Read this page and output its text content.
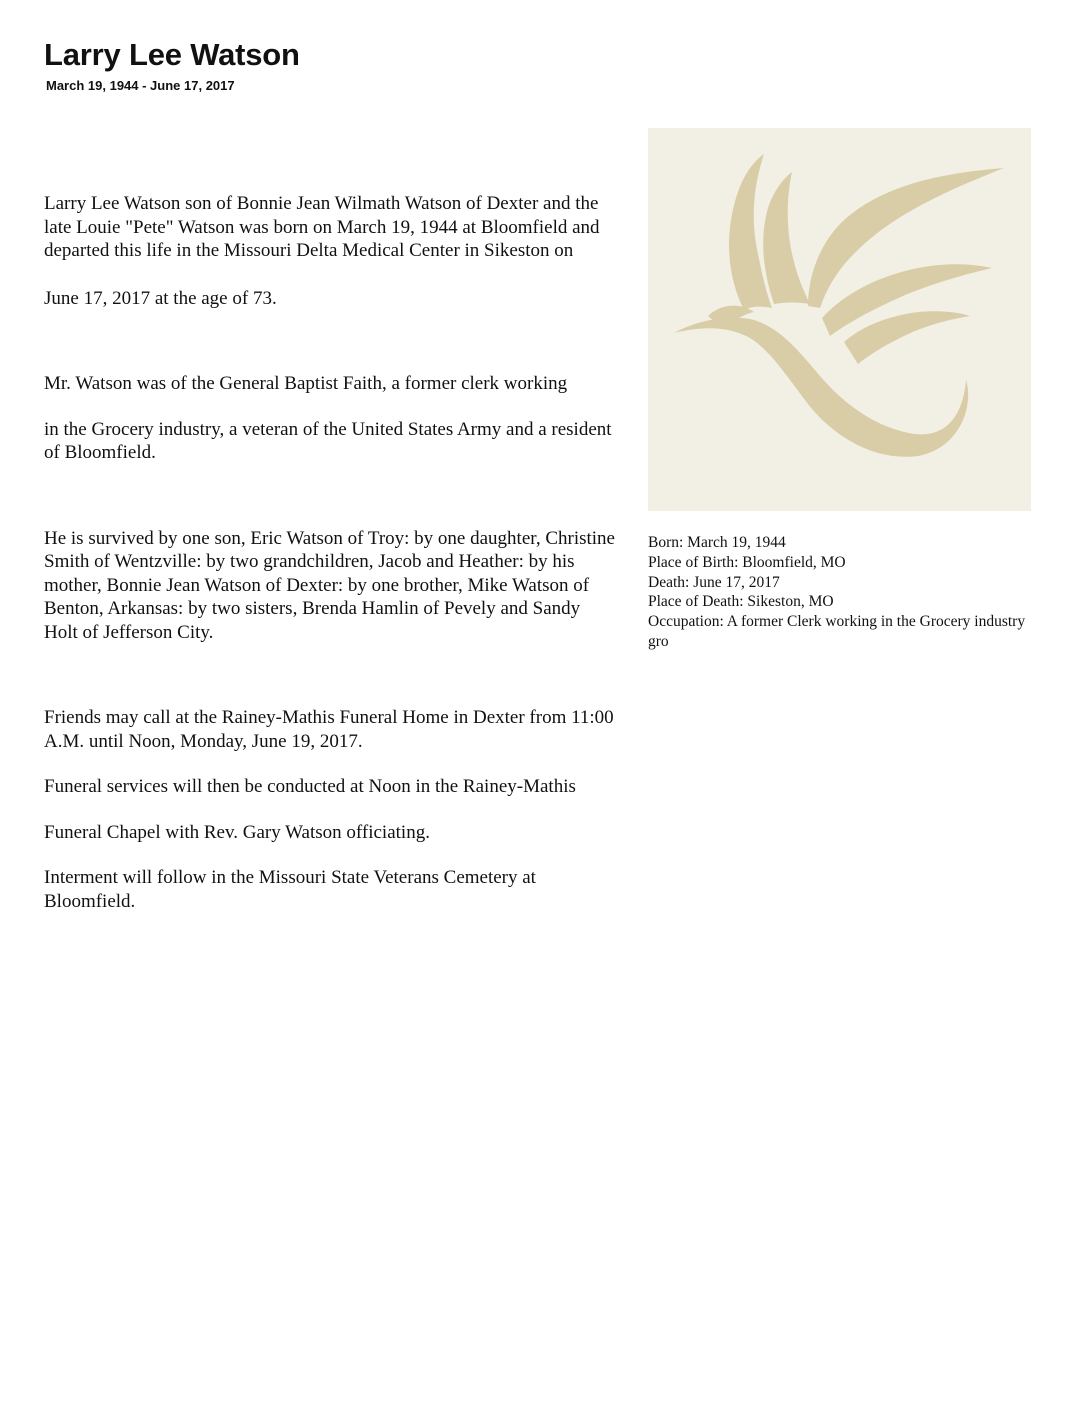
Larry Lee Watson
March 19, 1944 - June 17, 2017

Larry Lee Watson son of Bonnie Jean Wilmath Watson of Dexter and the late Louie "Pete" Watson was born on March 19, 1944 at Bloomfield and departed this life in the Missouri Delta Medical Center in Sikeston on

June 17, 2017 at the age of 73.

Mr. Watson was of the General Baptist Faith, a former clerk working

in the Grocery industry, a veteran of the United States Army and a resident of Bloomfield.

He is survived by one son, Eric Watson of Troy: by one daughter, Christine Smith of Wentzville: by two grandchildren, Jacob and Heather: by his mother, Bonnie Jean Watson of Dexter: by one brother, Mike Watson of Benton, Arkansas: by two sisters, Brenda Hamlin of Pevely and Sandy Holt of Jefferson City.

Friends may call at the Rainey-Mathis Funeral Home in Dexter from 11:00 A.M. until Noon, Monday, June 19, 2017.

Funeral services will then be conducted at Noon in the Rainey-Mathis

Funeral Chapel with Rev. Gary Watson officiating.

Interment will follow in the Missouri State Veterans Cemetery at Bloomfield.

Born: March 19, 1944
Place of Birth: Bloomfield, MO
Death: June 17, 2017
Place of Death: Sikeston, MO
Occupation: A former Clerk working in the Grocery industry gro
